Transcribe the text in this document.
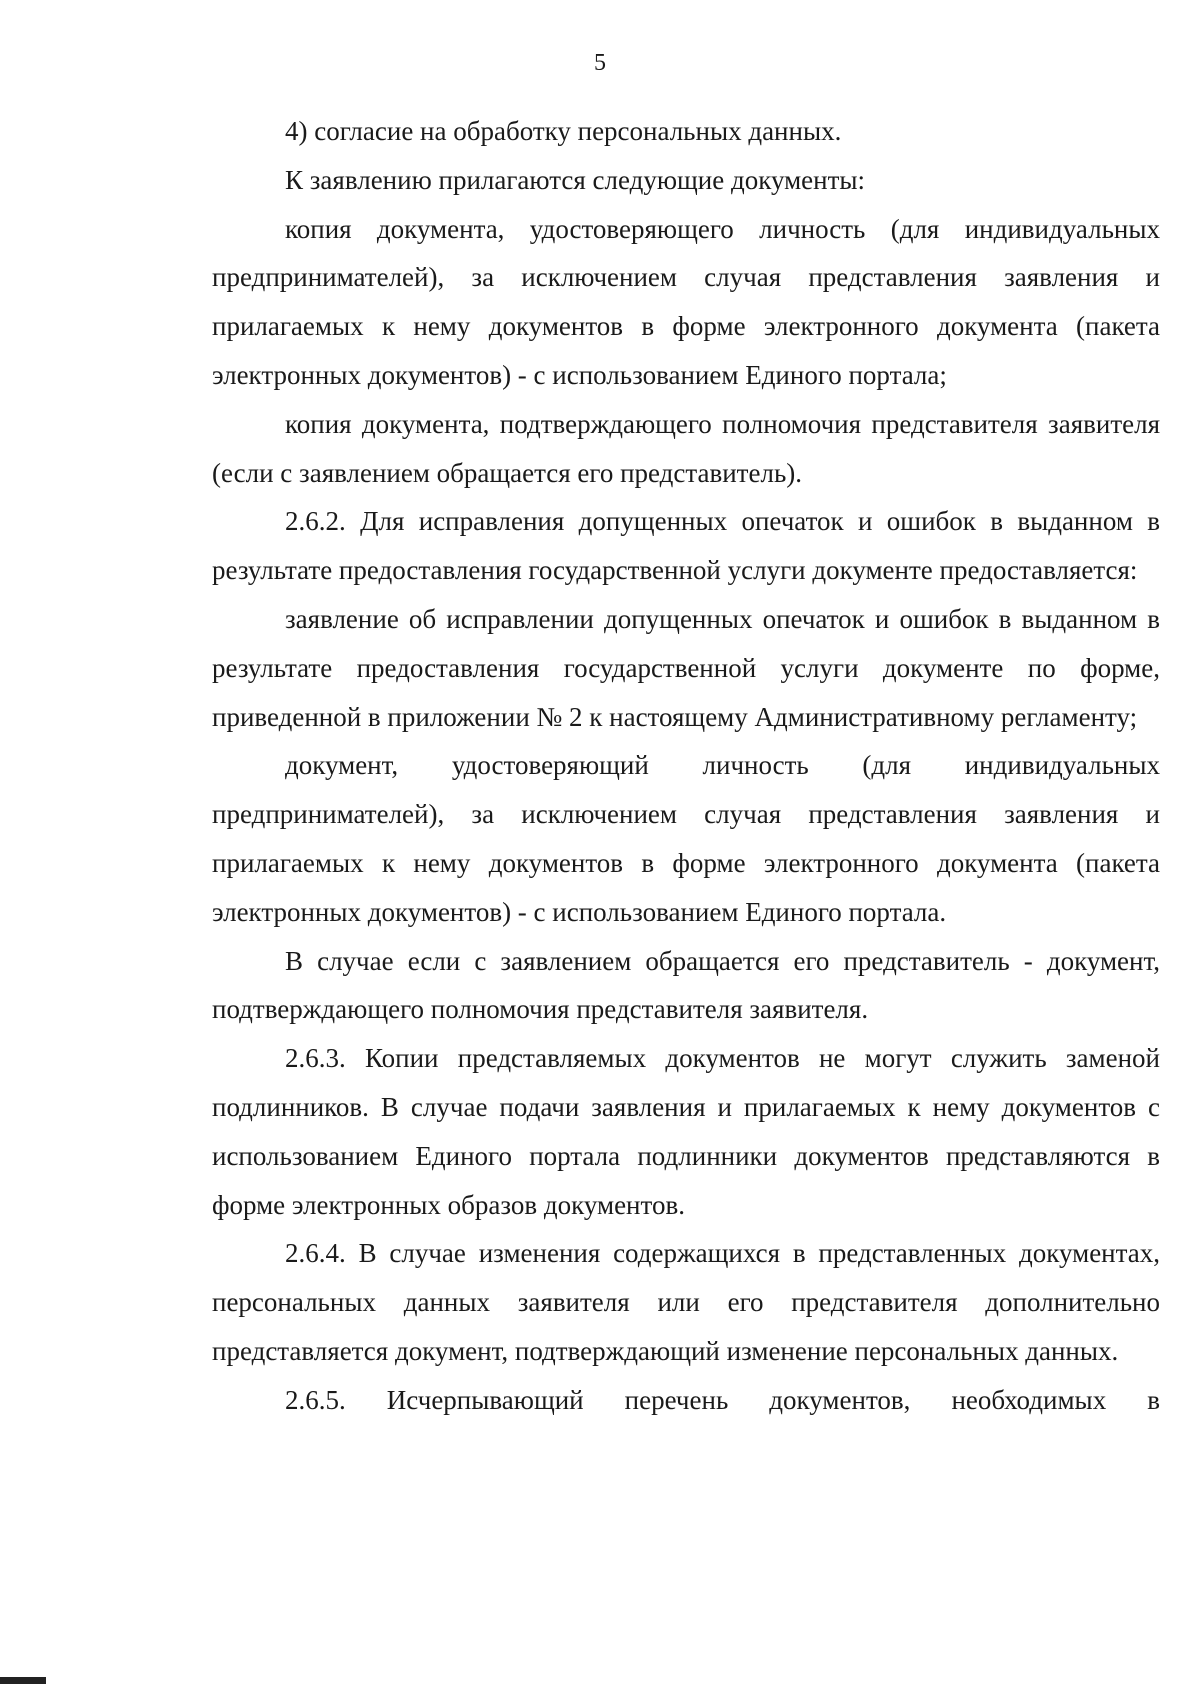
5

4) согласие на обработку персональных данных.

К заявлению прилагаются следующие документы:

копия документа, удостоверяющего личность (для индивидуальных предпринимателей), за исключением случая представления заявления и прилагаемых к нему документов в форме электронного документа (пакета электронных документов) - с использованием Единого портала;

копия документа, подтверждающего полномочия представителя заявителя (если с заявлением обращается его представитель).

2.6.2. Для исправления допущенных опечаток и ошибок в выданном в результате предоставления государственной услуги документе предоставляется:

заявление об исправлении допущенных опечаток и ошибок в выданном в результате предоставления государственной услуги документе по форме, приведенной в приложении № 2 к настоящему Административному регламенту;

документ, удостоверяющий личность (для индивидуальных предпринимателей), за исключением случая представления заявления и прилагаемых к нему документов в форме электронного документа (пакета электронных документов) - с использованием Единого портала.

В случае если с заявлением обращается его представитель - документ, подтверждающего полномочия представителя заявителя.

2.6.3. Копии представляемых документов не могут служить заменой подлинников. В случае подачи заявления и прилагаемых к нему документов с использованием Единого портала подлинники документов представляются в форме электронных образов документов.

2.6.4. В случае изменения содержащихся в представленных документах, персональных данных заявителя или его представителя дополнительно представляется документ, подтверждающий изменение персональных данных.

2.6.5. Исчерпывающий перечень документов, необходимых в
